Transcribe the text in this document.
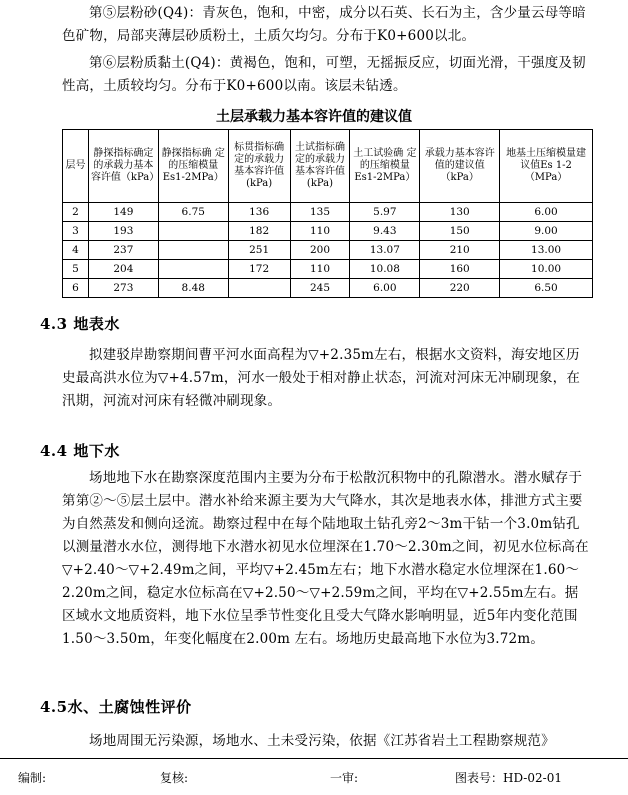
第⑤层粉砂(Q4)：青灰色，饱和，中密，成分以石英、长石为主，含少量云母等暗色矿物，局部夹薄层砂质粉土，土质欠均匀。分布于K0+600以北。
第⑥层粉质黏土(Q4)：黄褐色，饱和，可塑，无摇振反应，切面光滑，干强度及韧性高，土质较均匀。分布于K0+600以南。该层未钻透。
土层承载力基本容许值的建议值
层号	静探指标确定的承载力基本容许值（kPa）	静探指标确 定 的压缩模量Es1-2MPa）	标贯指标确定的承载力基本容许值(kPa)	土试指标确定的承载力基本容许值(kPa)	土工试验确 定 的压缩模量Es1-2MPa）	承载力基本容许值的建议值（kPa）	地基土压缩模量建议值Es 1-2（MPa）
2	149	6.75	136	135	5.97	130	6.00
3	193		182	110	9.43	150	9.00
4	237		251	200	13.07	210	13.00
5	204		172	110	10.08	160	10.00
6	273	8.48		245	6.00	220	6.50
4.3 地表水
拟建驳岸勘察期间曹平河水面高程为▽+2.35m左右，根据水文资料，海安地区历史最高洪水位为▽+4.57m，河水一般处于相对静止状态，河流对河床无冲刷现象，在汛期，河流对河床有轻微冲刷现象。
4.4 地下水
场地地下水在勘察深度范围内主要为分布于松散沉积物中的孔隙潜水。潜水赋存于第第②～⑤层土层中。潜水补给来源主要为大气降水，其次是地表水体，排泄方式主要为自然蒸发和侧向迳流。勘察过程中在每个陆地取土钻孔旁2～3m干钻一个3.0m钻孔以测量潜水水位，测得地下水潜水初见水位埋深在1.70～2.30m之间，初见水位标高在▽+2.40～▽+2.49m之间，平均▽+2.45m左右；地下水潜水稳定水位埋深在1.60～2.20m之间，稳定水位标高在▽+2.50～▽+2.59m之间，平均在▽+2.55m左右。据区域水文地质资料，地下水位呈季节性变化且受大气降水影响明显，近5年内变化范围1.50～3.50m，年变化幅度在2.00m 左右。场地历史最高地下水位为3.72m。
4.5水、土腐蚀性评价
场地周围无污染源，场地水、土未受污染，依据《江苏省岩土工程勘察规范》
编制:	复核:	一审:	图表号：HD-02-01
